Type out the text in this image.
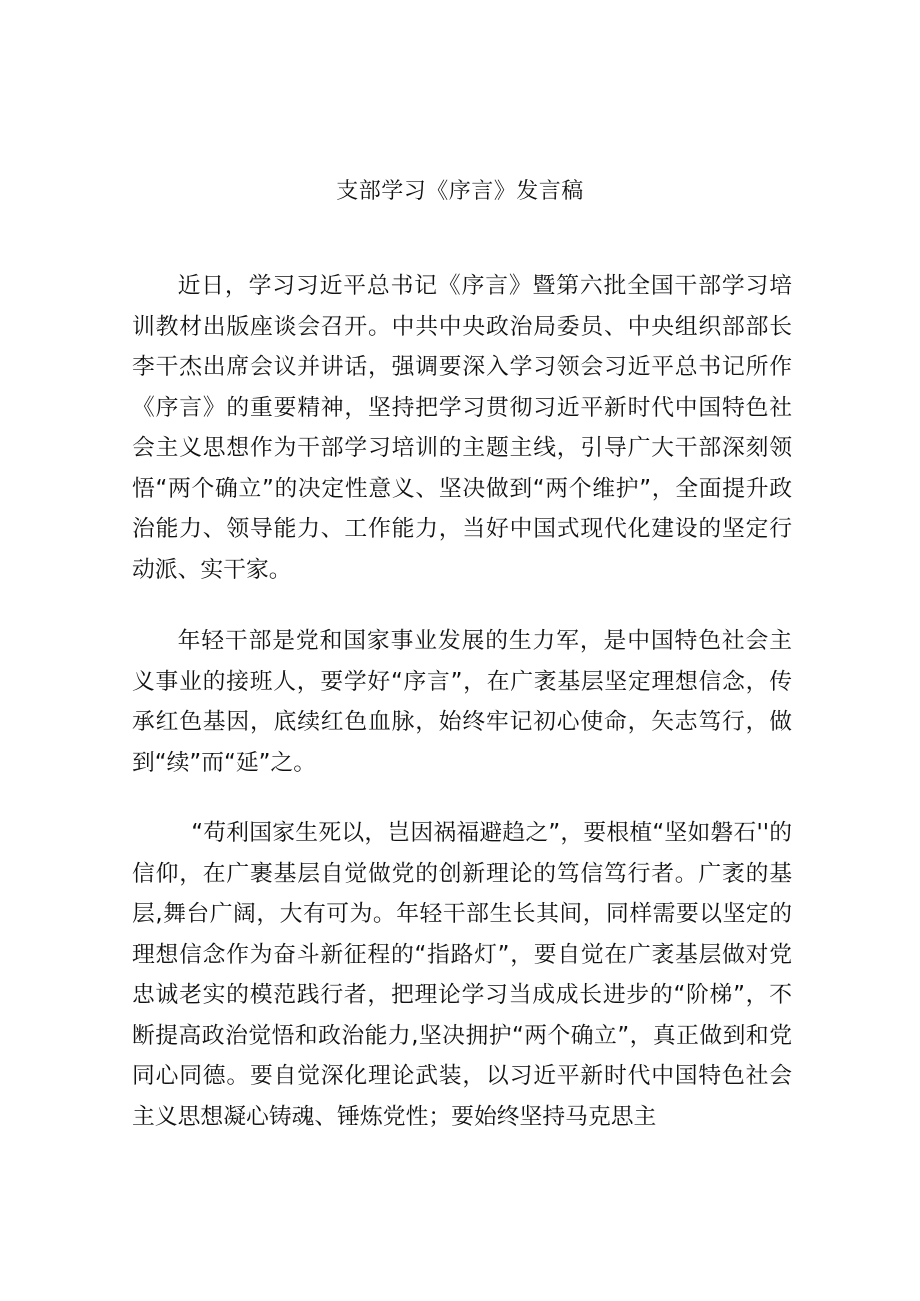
支部学习《序言》发言稿

近日，学习习近平总书记《序言》暨第六批全国干部学习培训教材出版座谈会召开。中共中央政治局委员、中央组织部部长李干杰出席会议并讲话，强调要深入学习领会习近平总书记所作《序言》的重要精神，坚持把学习贯彻习近平新时代中国特色社会主义思想作为干部学习培训的主题主线，引导广大干部深刻领悟“两个确立”的决定性意义、坚决做到“两个维护”，全面提升政治能力、领导能力、工作能力，当好中国式现代化建设的坚定行动派、实干家。

年轻干部是党和国家事业发展的生力军，是中国特色社会主义事业的接班人，要学好“序言”，在广袤基层坚定理想信念，传承红色基因，底续红色血脉，始终牢记初心使命，矢志笃行，做到“续”而“延”之。

“苟利国家生死以，岂因祸福避趋之”，要根植“坚如磐石''的信仰，在广裹基层自觉做党的创新理论的笃信笃行者。广袤的基层,舞台广阔，大有可为。年轻干部生长其间，同样需要以坚定的理想信念作为奋斗新征程的“指路灯”，要自觉在广袤基层做对党忠诚老实的模范践行者，把理论学习当成成长进步的“阶梯”，不断提高政治觉悟和政治能力,坚决拥护“两个确立”，真正做到和党同心同德。要自觉深化理论武装，以习近平新时代中国特色社会主义思想凝心铸魂、锤炼党性；要始终坚持马克思主
